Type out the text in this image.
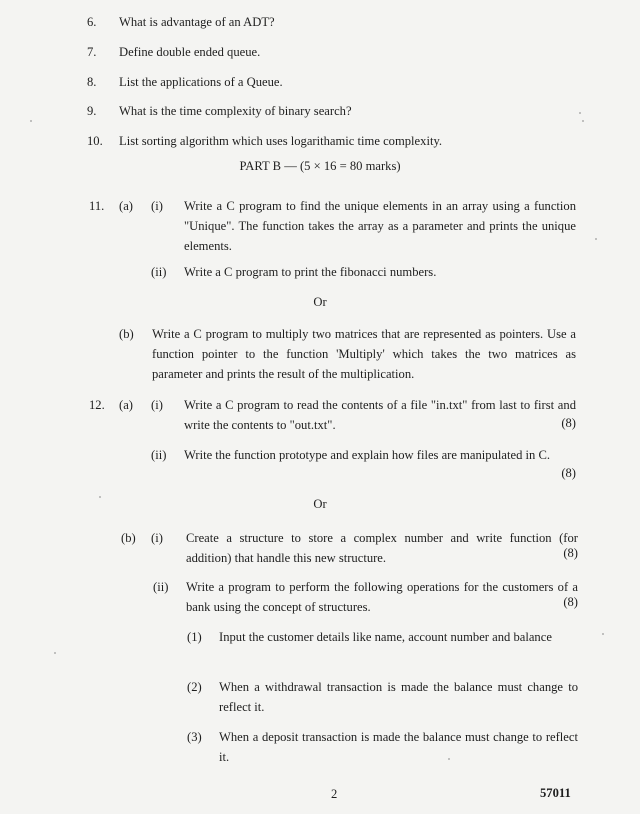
6. What is advantage of an ADT?
7. Define double ended queue.
8. List the applications of a Queue.
9. What is the time complexity of binary search?
10. List sorting algorithm which uses logarithamic time complexity.
PART B — (5 × 16 = 80 marks)
11. (a) (i) Write a C program to find the unique elements in an array using a function "Unique". The function takes the array as a parameter and prints the unique elements.
(ii) Write a C program to print the fibonacci numbers.
Or
(b) Write a C program to multiply two matrices that are represented as pointers. Use a function pointer to the function 'Multiply' which takes the two matrices as parameter and prints the result of the multiplication.
12. (a) (i) Write a C program to read the contents of a file "in.txt" from last to first and write the contents to "out.txt".	(8)
(ii) Write the function prototype and explain how files are manipulated in C.
(8)
Or
(b) (i) Create a structure to store a complex number and write function (for addition) that handle this new structure.	(8)
(ii) Write a program to perform the following operations for the customers of a bank using the concept of structures.	(8)
(1) Input the customer details like name, account number and balance
(2) When a withdrawal transaction is made the balance must change to reflect it.
(3) When a deposit transaction is made the balance must change to reflect it.
2	57011
